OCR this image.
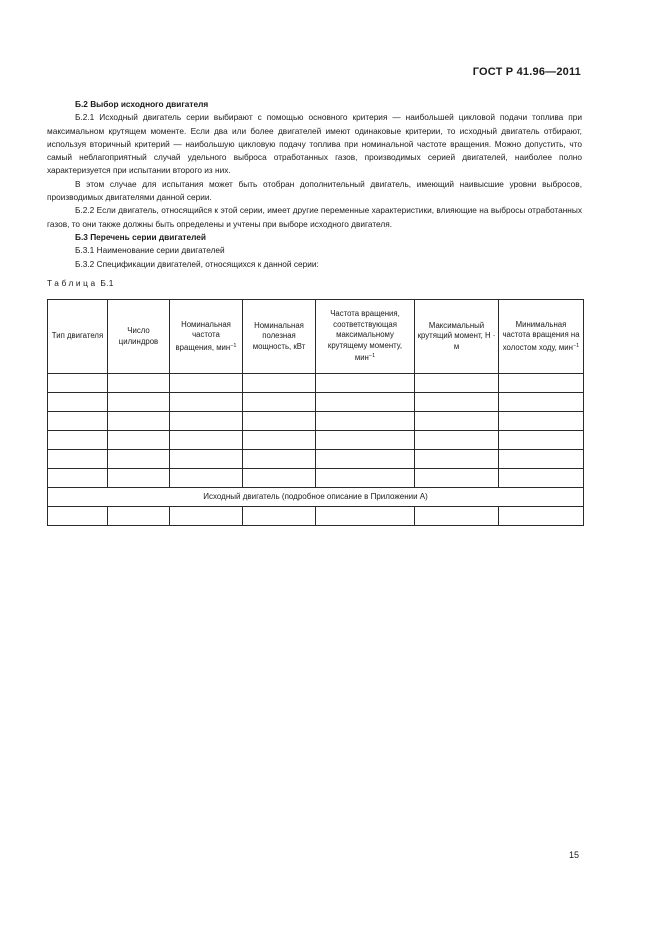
ГОСТ Р 41.96—2011

Б.2 Выбор исходного двигателя

Б.2.1 Исходный двигатель серии выбирают с помощью основного критерия — наибольшей цикловой подачи топлива при максимальном крутящем моменте. Если два или более двигателей имеют одинаковые критерии, то исходный двигатель отбирают, используя вторичный критерий — наибольшую цикловую подачу топлива при номинальной частоте вращения. Можно допустить, что самый неблагоприятный случай удельного выброса отработанных газов, производимых серией двигателей, наиболее полно характеризуется при испытании второго из них.

В этом случае для испытания может быть отобран дополнительный двигатель, имеющий наивысшие уровни выбросов, производимых двигателями данной серии.

Б.2.2 Если двигатель, относящийся к этой серии, имеет другие переменные характеристики, влияющие на выбросы отработанных газов, то они также должны быть определены и учтены при выборе исходного двигателя.

Б.3 Перечень серии двигателей

Б.3.1 Наименование серии двигателей

Б.3.2 Спецификации двигателей, относящихся к данной серии:

Таблица Б.1

Тип двигателя	Число цилиндров	Номинальная частота вращения, мин$^{-1}$	Номинальная полезная мощность, кВт	Частота вращения, соответствующая максимальному крутящему моменту, мин$^{-1}$	Максимальный крутящий момент, Н · м	Минимальная частота вращения на холостом ходу, мин$^{-1}$

Исходный двигатель (подробное описание в Приложении А)						

15
